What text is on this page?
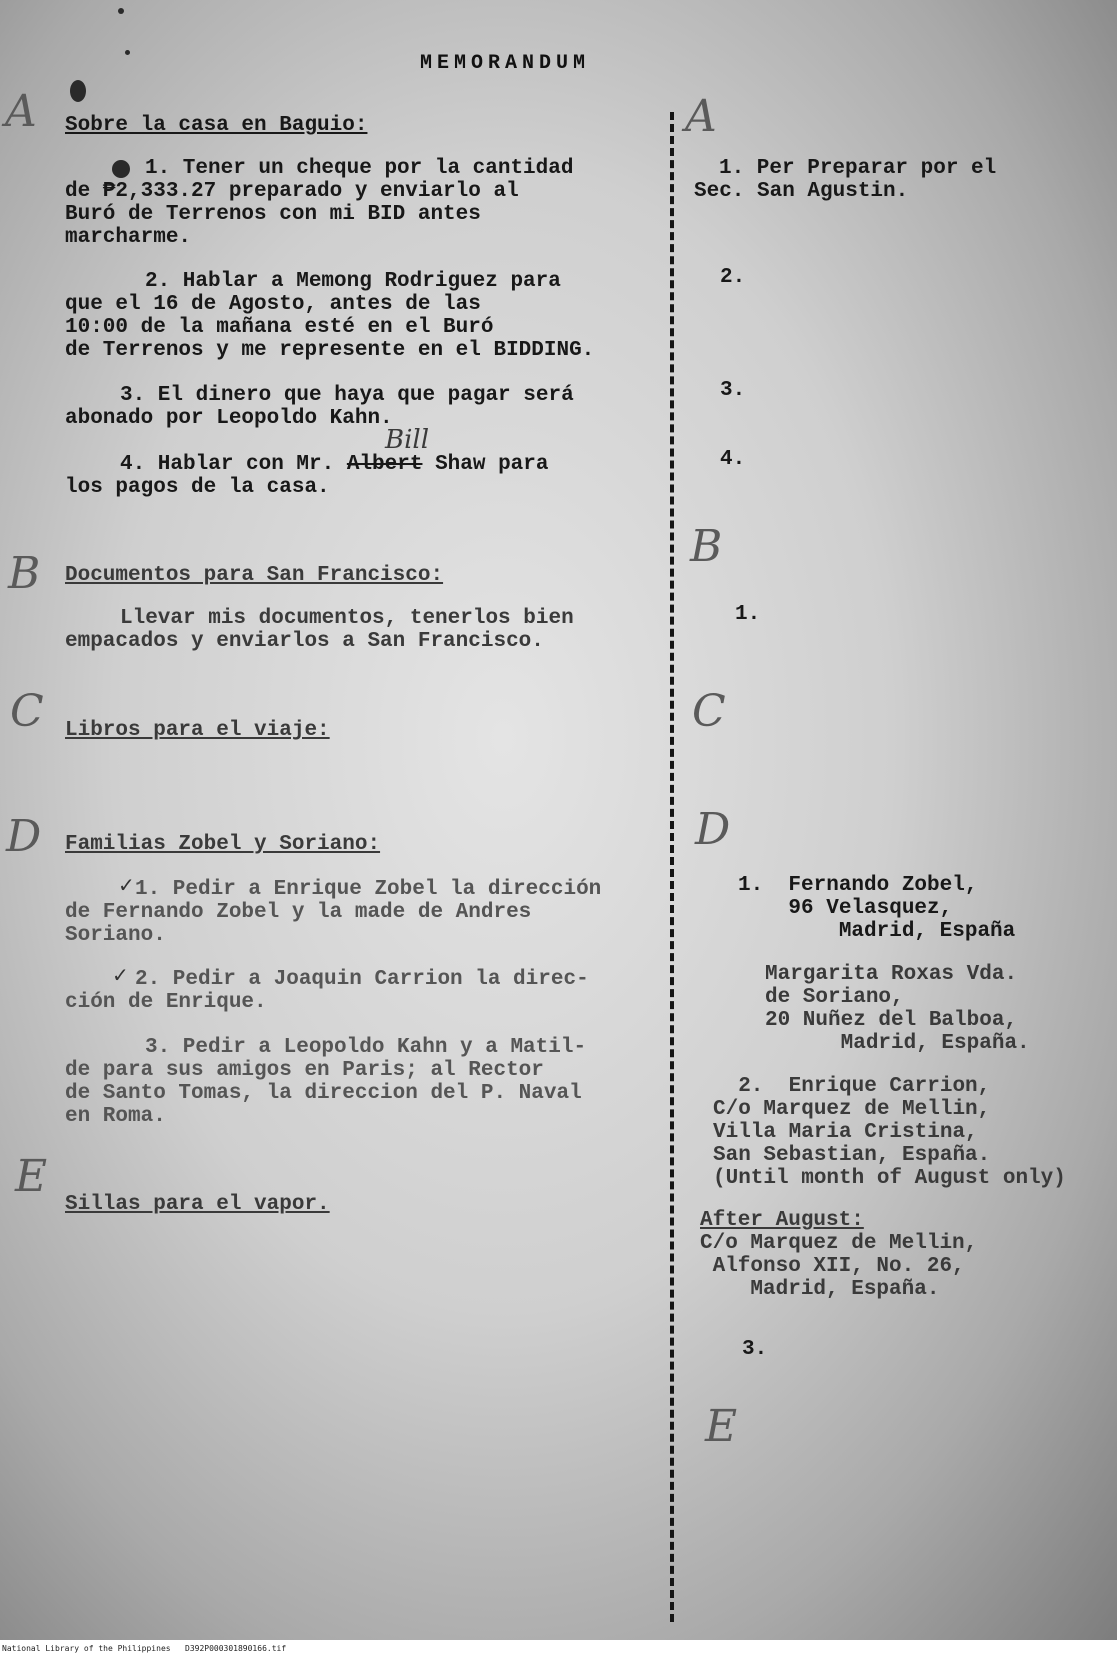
MEMORANDUM
A
B
C
D
E
A
B
C
D
E
Sobre la casa en Baguio:
1. Tener un cheque por la cantidad
de ₱2,333.27 preparado y enviarlo al
Buró de Terrenos con mi BID antes
marcharme.
2. Hablar a Memong Rodriguez para
que el 16 de Agosto, antes de las
10:00 de la mañana esté en el Buró
de Terrenos y me represente en el BIDDING.
3. El dinero que haya que pagar será
abonado por Leopoldo Kahn.
Bill
4. Hablar con Mr. Albert Shaw para
los pagos de la casa.
Documentos para San Francisco:
Llevar mis documentos, tenerlos bien
empacados y enviarlos a San Francisco.
Libros para el viaje:
Familias Zobel y Soriano:
✓ 1. Pedir a Enrique Zobel la dirección
de Fernando Zobel y la made de Andres
Soriano.
✓ 2. Pedir a Joaquin Carrion la direc-
ción de Enrique.
3. Pedir a Leopoldo Kahn y a Matil-
de para sus amigos en Paris; al Rector
de Santo Tomas, la direccion del P. Naval
en Roma.
Sillas para el vapor.
1. Per Preparar por el
Sec. San Agustin.
2.
3.
4.
1.
1.  Fernando Zobel,
96 Velasquez,
Madrid, España
Margarita Roxas Vda.
de Soriano,
20 Nuñez del Balboa,
Madrid, España.
2.  Enrique Carrion,
C/o Marquez de Mellin,
Villa Maria Cristina,
San Sebastian, España.
(Until month of August only)
After August:
C/o Marquez de Mellin,
Alfonso XII, No. 26,
Madrid, España.
3.
National Library of the Philippines D392P000301890166.tif
